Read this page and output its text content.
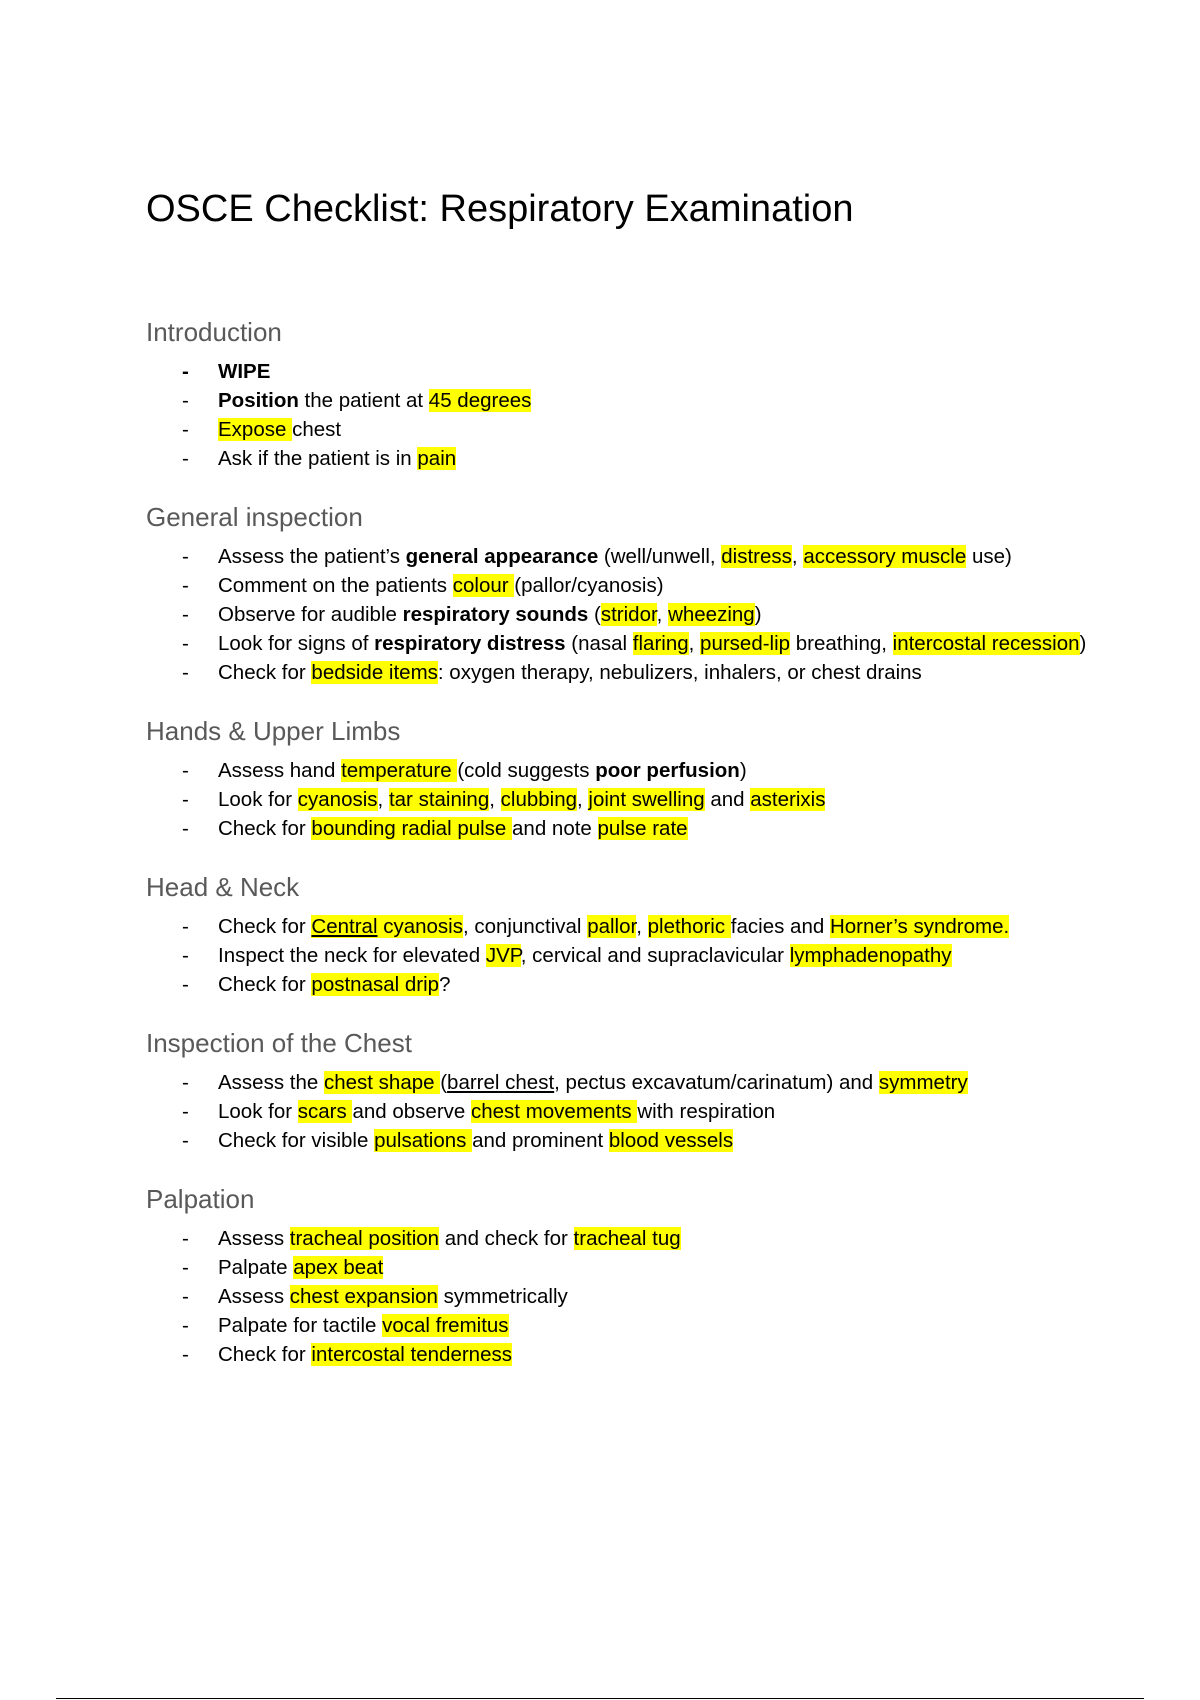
OSCE Checklist: Respiratory Examination
Introduction
- WIPE
- Position the patient at 45 degrees
- Expose chest
- Ask if the patient is in pain
General inspection
- Assess the patient’s general appearance (well/unwell, distress, accessory muscle use)
- Comment on the patients colour (pallor/cyanosis)
- Observe for audible respiratory sounds (stridor, wheezing)
- Look for signs of respiratory distress (nasal flaring, pursed-lip breathing, intercostal recession)
- Check for bedside items: oxygen therapy, nebulizers, inhalers, or chest drains
Hands & Upper Limbs
- Assess hand temperature (cold suggests poor perfusion)
- Look for cyanosis, tar staining, clubbing, joint swelling and asterixis
- Check for bounding radial pulse and note pulse rate
Head & Neck
- Check for Central cyanosis, conjunctival pallor, plethoric facies and Horner’s syndrome.
- Inspect the neck for elevated JVP, cervical and supraclavicular lymphadenopathy
- Check for postnasal drip?
Inspection of the Chest
- Assess the chest shape (barrel chest, pectus excavatum/carinatum) and symmetry
- Look for scars and observe chest movements with respiration
- Check for visible pulsations and prominent blood vessels
Palpation
- Assess tracheal position and check for tracheal tug
- Palpate apex beat
- Assess chest expansion symmetrically
- Palpate for tactile vocal fremitus
- Check for intercostal tenderness
